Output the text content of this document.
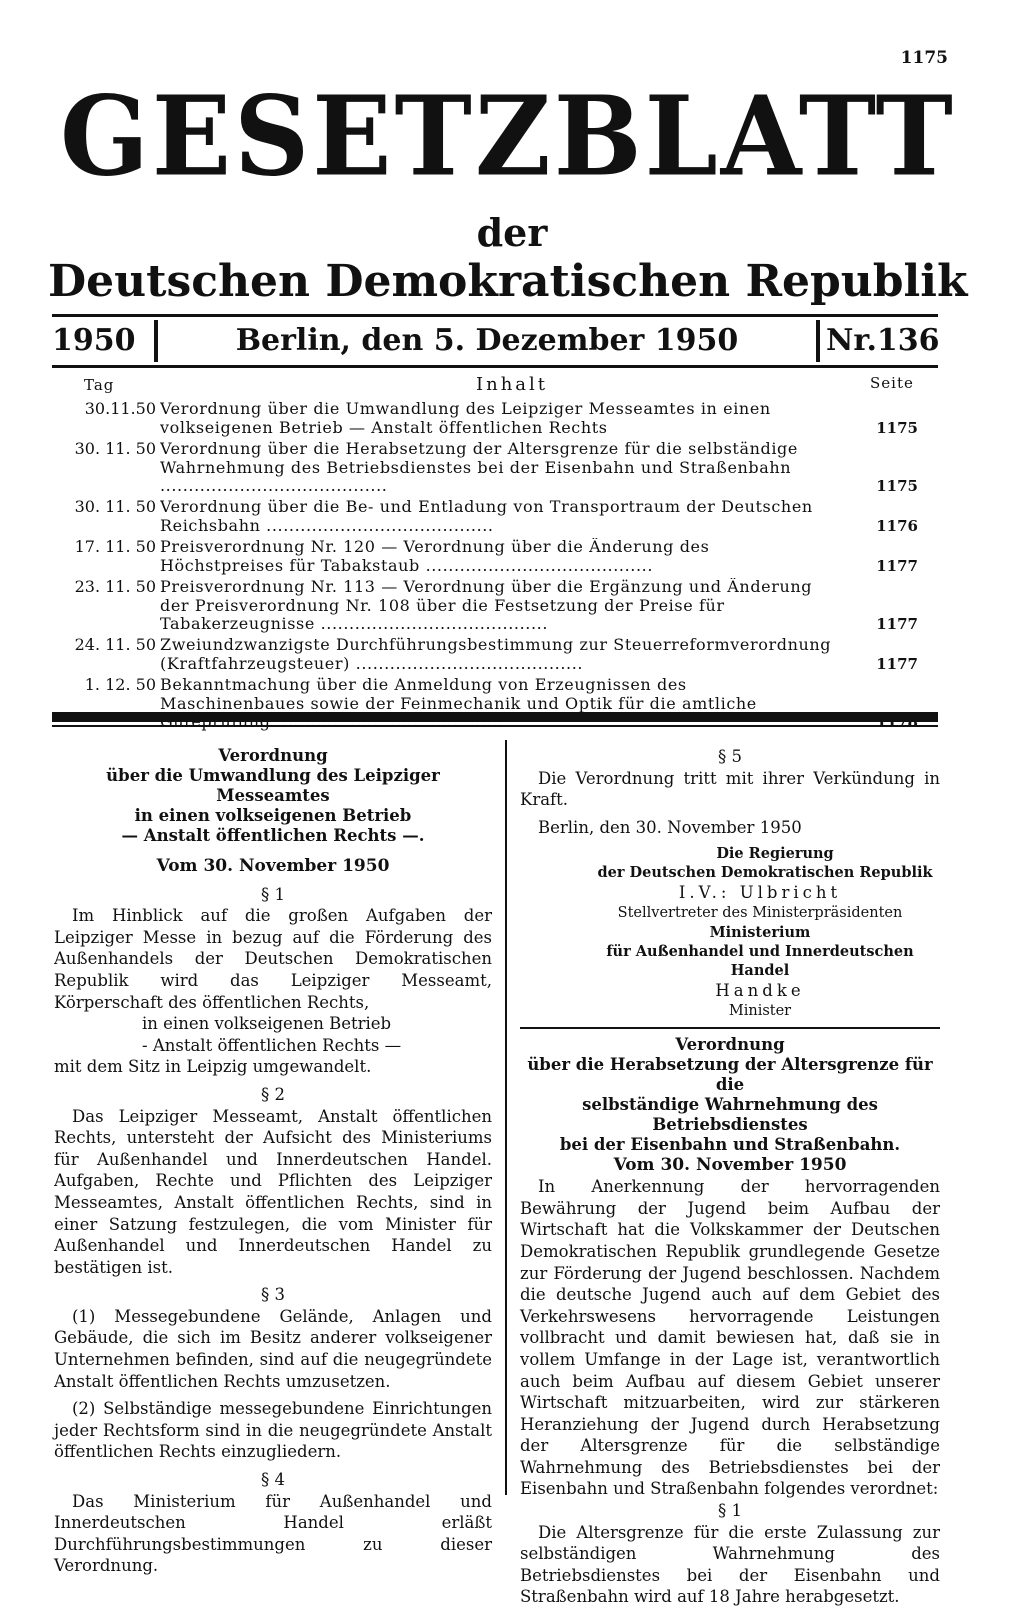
1175
GESETZBLATT
der
Deutschen Demokratischen Republik
1950	Berlin, den 5. Dezember 1950	Nr.136
Tag	Inhalt	Seite
30.11.50 Verordnung über die Umwandlung des Leipziger Messeamtes in einen volkseigenen Betrieb — Anstalt öffentlichen Rechts	1175
30. 11. 50 Verordnung über die Herabsetzung der Altersgrenze für die selbständige Wahrnehmung des Betriebsdienstes bei der Eisenbahn und Straßenbahn ........................................	1175
30. 11. 50 Verordnung über die Be- und Entladung von Transportraum der Deutschen Reichsbahn ........................................	1176
17. 11. 50 Preisverordnung Nr. 120 — Verordnung über die Änderung des Höchstpreises für Tabakstaub ........................................	1177
23. 11. 50 Preisverordnung Nr. 113 — Verordnung über die Ergänzung und Änderung der Preisverordnung Nr. 108 über die Festsetzung der Preise für Tabakerzeugnisse ........................................	1177
24. 11. 50 Zweiundzwanzigste Durchführungsbestimmung zur Steuerreformverordnung (Kraftfahrzeugsteuer) ........................................	1177
1. 12. 50 Bekanntmachung über die Anmeldung von Erzeugnissen des Maschinenbaues sowie der Feinmechanik und Optik für die amtliche
Verordnung
über die Umwandlung des Leipziger Messeamtes
in einen volkseigenen Betrieb
— Anstalt öffentlichen Rechts —.
Vom 30. November 1950
§ 1

Im Hinblick auf die großen Aufgaben der Leipziger Messe in bezug auf die Förderung des Außenhandels der Deutschen Demokratischen Republik wird das Leipziger Messeamt, Körperschaft des öffentlichen Rechts,

in einen volkseigenen Betrieb

- Anstalt öffentlichen Rechts —

mit dem Sitz in Leipzig umgewandelt.

§ 2

Das Leipziger Messeamt, Anstalt öffentlichen Rechts, untersteht der Aufsicht des Ministeriums für Außenhandel und Innerdeutschen Handel. Aufgaben, Rechte und Pflichten des Leipziger Messeamtes, Anstalt öffentlichen Rechts, sind in einer Satzung festzulegen, die vom Minister für Außenhandel und Innerdeutschen Handel zu bestätigen ist.

§ 3

(1) Messegebundene Gelände, Anlagen und Gebäude, die sich im Besitz anderer volkseigener Unternehmen befinden, sind auf die neugegründete Anstalt öffentlichen Rechts umzusetzen.

(2) Selbständige messegebundene Einrichtungen jeder Rechtsform sind in die neugegründete Anstalt öffentlichen Rechts einzugliedern.

§ 4

Das Ministerium für Außenhandel und Innerdeutschen Handel erläßt Durchführungsbestimmungen zu dieser Verordnung.

§ 5

Die Verordnung tritt mit ihrer Verkündung in Kraft.

Berlin, den 30. November 1950

Die Regierung
der Deutschen Demokratischen Republik
I.V.: Ulbricht
Stellvertreter des Ministerpräsidenten
Ministerium
für Außenhandel und Innerdeutschen Handel
Handke
Minister
Verordnung
über die Herabsetzung der Altersgrenze für die
selbständige Wahrnehmung des Betriebsdienstes
bei der Eisenbahn und Straßenbahn.
Vom 30. November 1950

In Anerkennung der hervorragenden Bewährung der Jugend beim Aufbau der Wirtschaft hat die Volkskammer der Deutschen Demokratischen Republik grundlegende Gesetze zur Förderung der Jugend beschlossen. Nachdem die deutsche Jugend auch auf dem Gebiet des Verkehrswesens hervorragende Leistungen vollbracht und damit bewiesen hat, daß sie in vollem Umfange in der Lage ist, verantwortlich auch beim Aufbau auf diesem Gebiet unserer Wirtschaft mitzuarbeiten, wird zur stärkeren Heranziehung der Jugend durch Herabsetzung der Altersgrenze für die selbständige Wahrnehmung des Betriebsdienstes bei der Eisenbahn und Straßenbahn folgendes verordnet:

§ 1

Die Altersgrenze für die erste Zulassung zur selbständigen Wahrnehmung des Betriebsdienstes bei der Eisenbahn und Straßenbahn wird auf 18 Jahre herabgesetzt.
